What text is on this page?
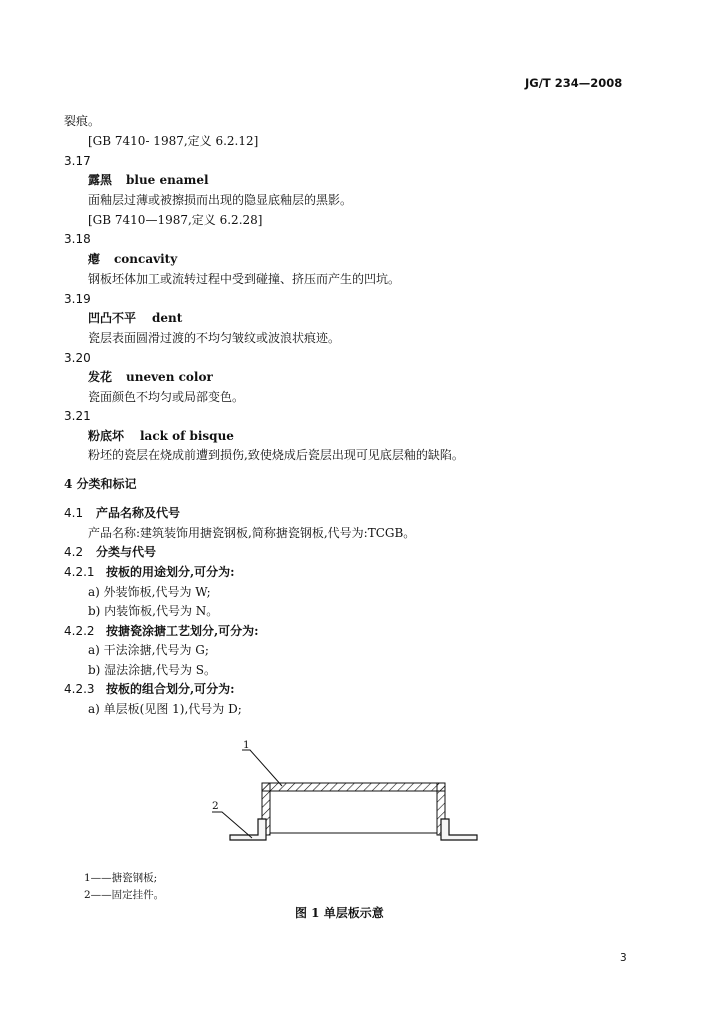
JG/T 234—2008
裂痕。
[GB 7410- 1987,定义 6.2.12]
3.17
露黑 blue enamel
面釉层过薄或被擦损而出现的隐显底釉层的黑影。
[GB 7410—1987,定义 6.2.28]
3.18
瘪 concavity
钢板坯体加工或流转过程中受到碰撞、挤压而产生的凹坑。
3.19
凹凸不平 dent
瓷层表面圆滑过渡的不均匀皱纹或波浪状痕迹。
3.20
发花 uneven color
瓷面颜色不均匀或局部变色。
3.21
粉底坏 lack of bisque
粉坯的瓷层在烧成前遭到损伤,致使烧成后瓷层出现可见底层釉的缺陷。
4 分类和标记
4.1 产品名称及代号
产品名称:建筑装饰用搪瓷钢板,简称搪瓷钢板,代号为:TCGB。
4.2 分类与代号
4.2.1 按板的用途划分,可分为:
a) 外装饰板,代号为 W;
b) 内装饰板,代号为 N。
4.2.2 按搪瓷涂搪工艺划分,可分为:
a) 干法涂搪,代号为 G;
b) 湿法涂搪,代号为 S。
4.2.3 按板的组合划分,可分为:
a) 单层板(见图 1),代号为 D;
1
2
1——搪瓷钢板;
2——固定挂件。
图 1 单层板示意
3
